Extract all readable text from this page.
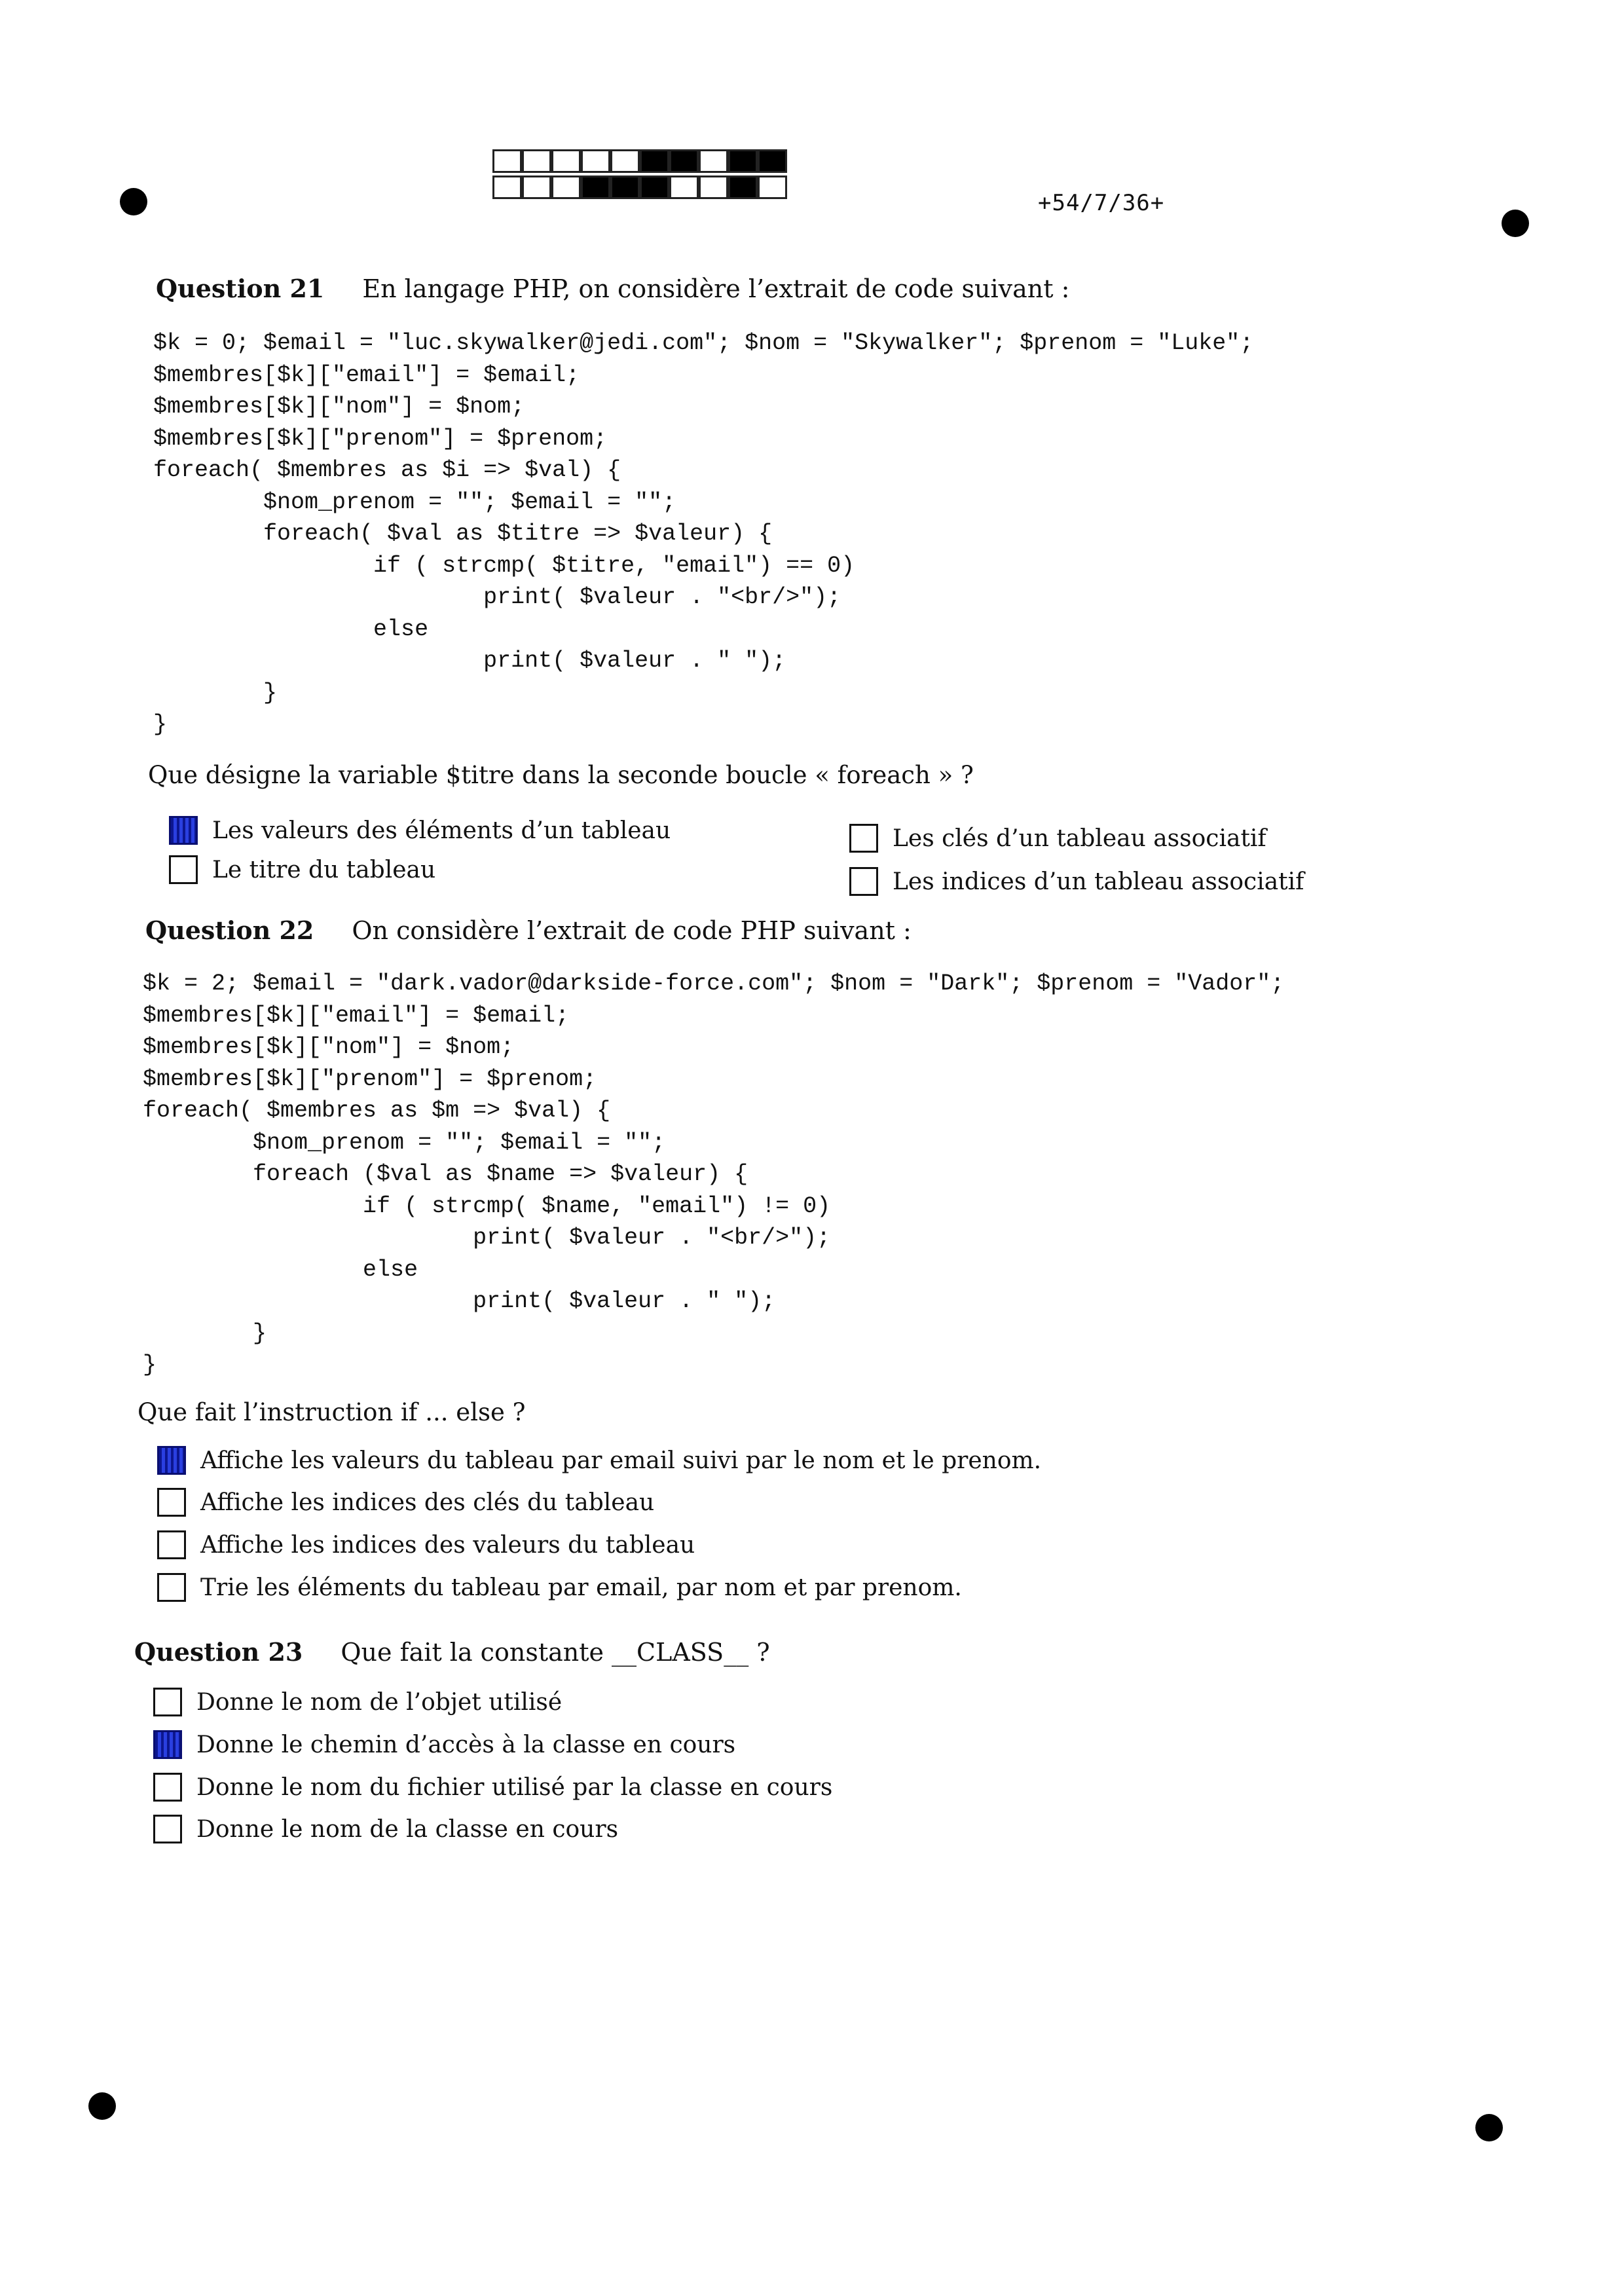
+54/7/36+
Question 21 En langage PHP, on considère l’extrait de code suivant :
$k = 0; $email = "luc.skywalker@jedi.com"; $nom = "Skywalker"; $prenom = "Luke";
$membres[$k]["email"] = $email;
$membres[$k]["nom"] = $nom;
$membres[$k]["prenom"] = $prenom;
foreach( $membres as $i => $val) {
$nom_prenom = ""; $email = "";
foreach( $val as $titre => $valeur) {
if ( strcmp( $titre, "email") == 0)
print( $valeur . "<br/>");
else
print( $valeur . " ");
}
}
Que désigne la variable $titre dans la seconde boucle « foreach » ?
Les valeurs des éléments d’un tableau
Le titre du tableau
Les clés d’un tableau associatif
Les indices d’un tableau associatif
Question 22 On considère l’extrait de code PHP suivant :
$k = 2; $email = "dark.vador@darkside-force.com"; $nom = "Dark"; $prenom = "Vador";
$membres[$k]["email"] = $email;
$membres[$k]["nom"] = $nom;
$membres[$k]["prenom"] = $prenom;
foreach( $membres as $m => $val) {
$nom_prenom = ""; $email = "";
foreach ($val as $name => $valeur) {
if ( strcmp( $name, "email") != 0)
print( $valeur . "<br/>");
else
print( $valeur . " ");
}
}
Que fait l’instruction if ... else ?
Affiche les valeurs du tableau par email suivi par le nom et le prenom.
Affiche les indices des clés du tableau
Affiche les indices des valeurs du tableau
Trie les éléments du tableau par email, par nom et par prenom.
Question 23 Que fait la constante __CLASS__ ?
Donne le nom de l’objet utilisé
Donne le chemin d’accès à la classe en cours
Donne le nom du fichier utilisé par la classe en cours
Donne le nom de la classe en cours
